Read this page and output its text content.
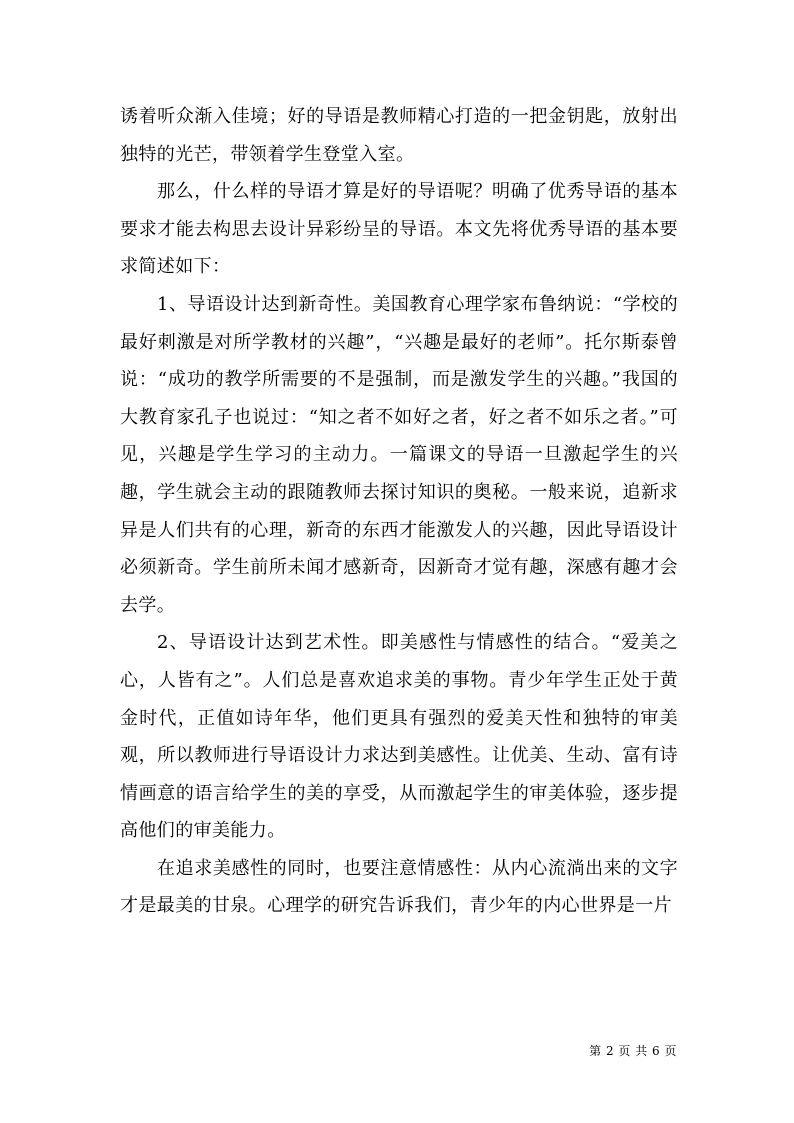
诱着听众渐入佳境；好的导语是教师精心打造的一把金钥匙，放射出独特的光芒，带领着学生登堂入室。

那么，什么样的导语才算是好的导语呢？明确了优秀导语的基本要求才能去构思去设计异彩纷呈的导语。本文先将优秀导语的基本要求简述如下：

1、导语设计达到新奇性。美国教育心理学家布鲁纳说：“学校的最好刺激是对所学教材的兴趣”，“兴趣是最好的老师”。托尔斯泰曾说：“成功的教学所需要的不是强制，而是激发学生的兴趣。”我国的大教育家孔子也说过：“知之者不如好之者，好之者不如乐之者。”可见，兴趣是学生学习的主动力。一篇课文的导语一旦激起学生的兴趣，学生就会主动的跟随教师去探讨知识的奥秘。一般来说，追新求异是人们共有的心理，新奇的东西才能激发人的兴趣，因此导语设计必须新奇。学生前所未闻才感新奇，因新奇才觉有趣，深感有趣才会去学。

2、导语设计达到艺术性。即美感性与情感性的结合。“爱美之心，人皆有之”。人们总是喜欢追求美的事物。青少年学生正处于黄金时代，正值如诗年华，他们更具有强烈的爱美天性和独特的审美观，所以教师进行导语设计力求达到美感性。让优美、生动、富有诗情画意的语言给学生的美的享受，从而激起学生的审美体验，逐步提高他们的审美能力。

在追求美感性的同时，也要注意情感性：从内心流淌出来的文字才是最美的甘泉。心理学的研究告诉我们，青少年的内心世界是一片

第 2 页 共 6 页
